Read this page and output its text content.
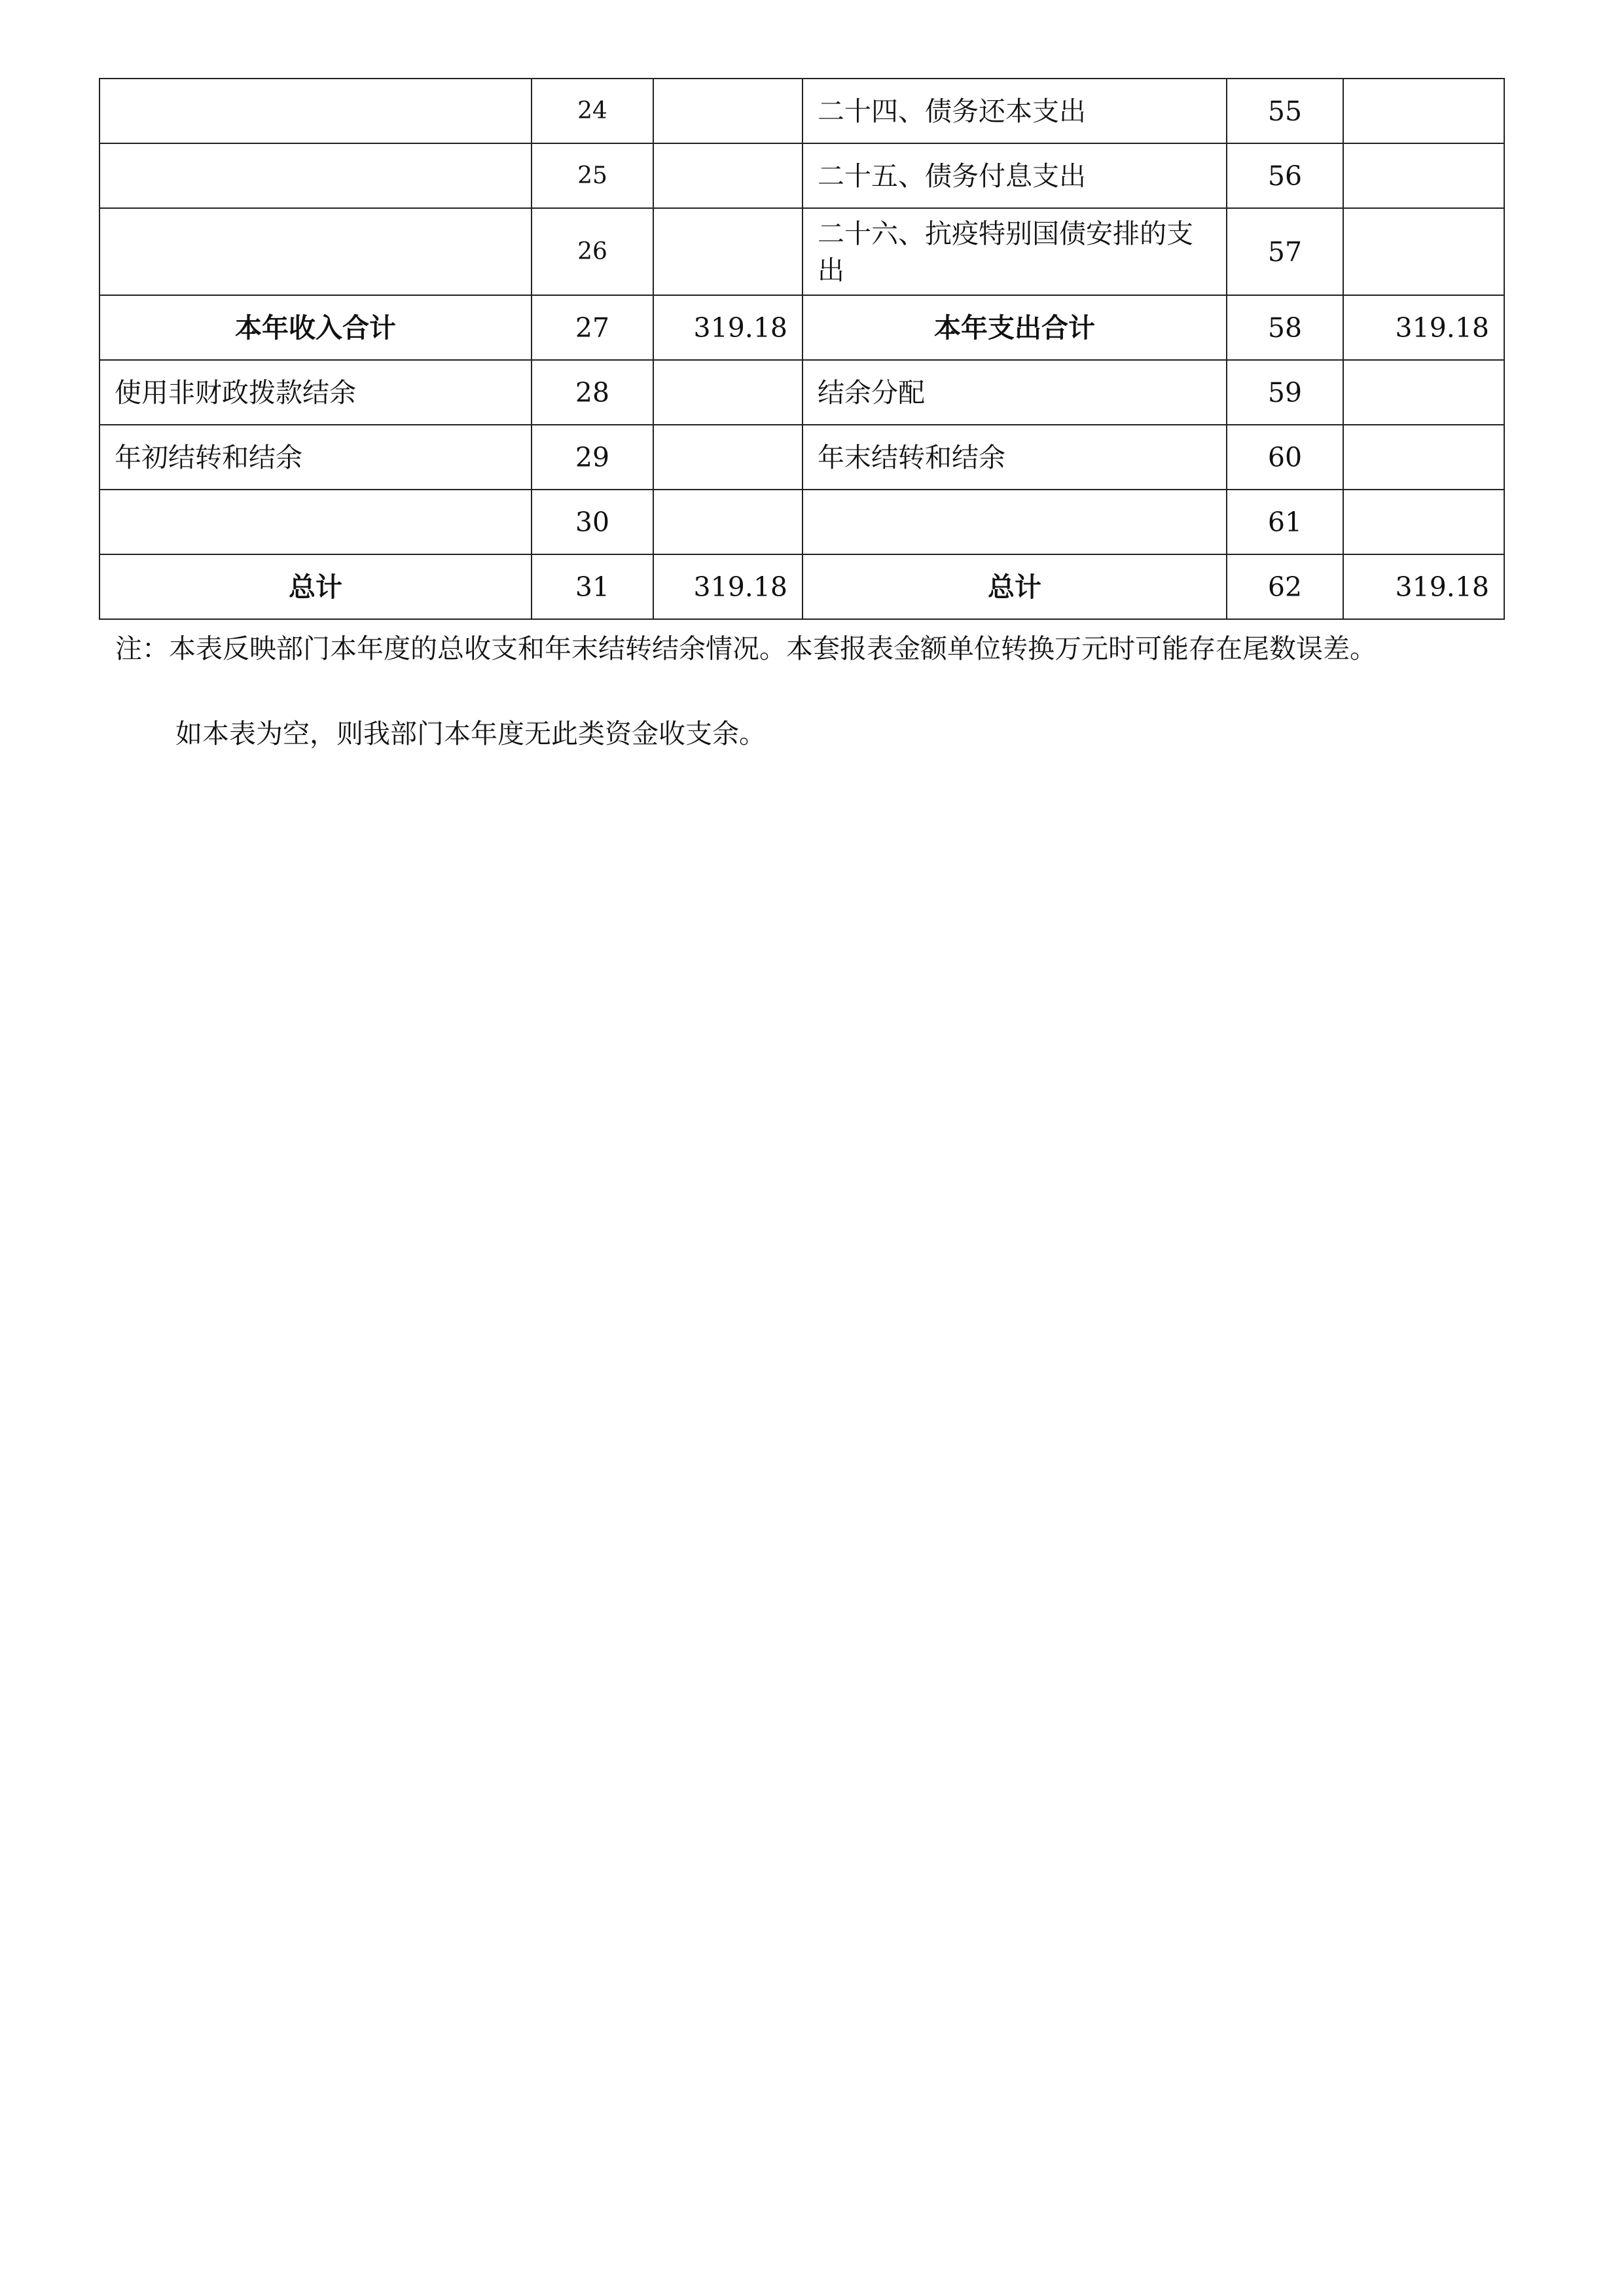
	24		二十四、债务还本支出	55	
	25		二十五、债务付息支出	56	
	26		二十六、抗疫特别国债安排的支出	57	
本年收入合计	27	319.18	本年支出合计	58	319.18
使用非财政拨款结余	28		结余分配	59	
年初结转和结余	29		年末结转和结余	60	
	30			61	
总计	31	319.18	总计	62	319.18
注：本表反映部门本年度的总收支和年末结转结余情况。本套报表金额单位转换万元时可能存在尾数误差。
如本表为空，则我部门本年度无此类资金收支余。
